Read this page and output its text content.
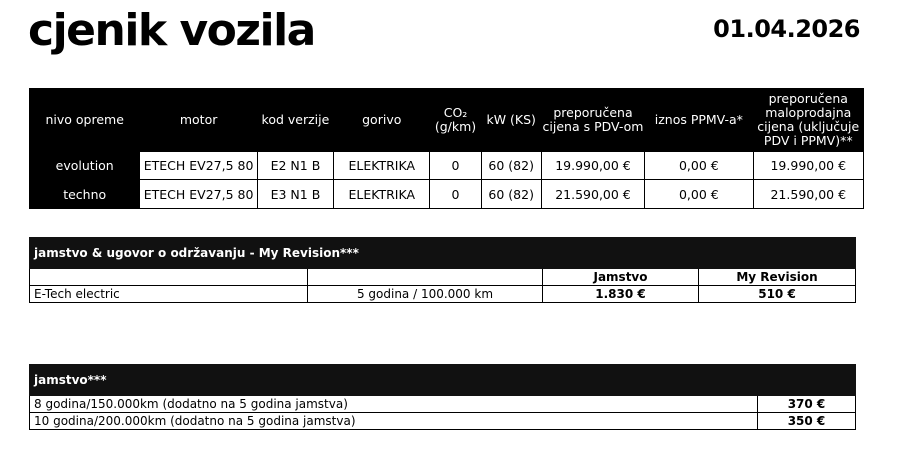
cjenik vozila	01.04.2026
nivo opreme	motor	kod verzije	gorivo	CO₂ (g/km)	kW (KS)	preporučena cijena s PDV-om	iznos PPMV-a*	preporučena maloprodajna cijena (uključuje PDV i PPMV)**
evolution	ETECH EV27,5 80	E2 N1 B	ELEKTRIKA	0	60 (82)	19.990,00 €	0,00 €	19.990,00 €
techno	ETECH EV27,5 80	E3 N1 B	ELEKTRIKA	0	60 (82)	21.590,00 €	0,00 €	21.590,00 €
jamstvo & ugovor o održavanju - My Revision***			
		Jamstvo	My Revision
E-Tech electric	5 godina / 100.000 km	1.830 €	510 €
jamstvo***	
8 godina/150.000km (dodatno na 5 godina jamstva)	370 €
10 godina/200.000km (dodatno na 5 godina jamstva)	350 €
